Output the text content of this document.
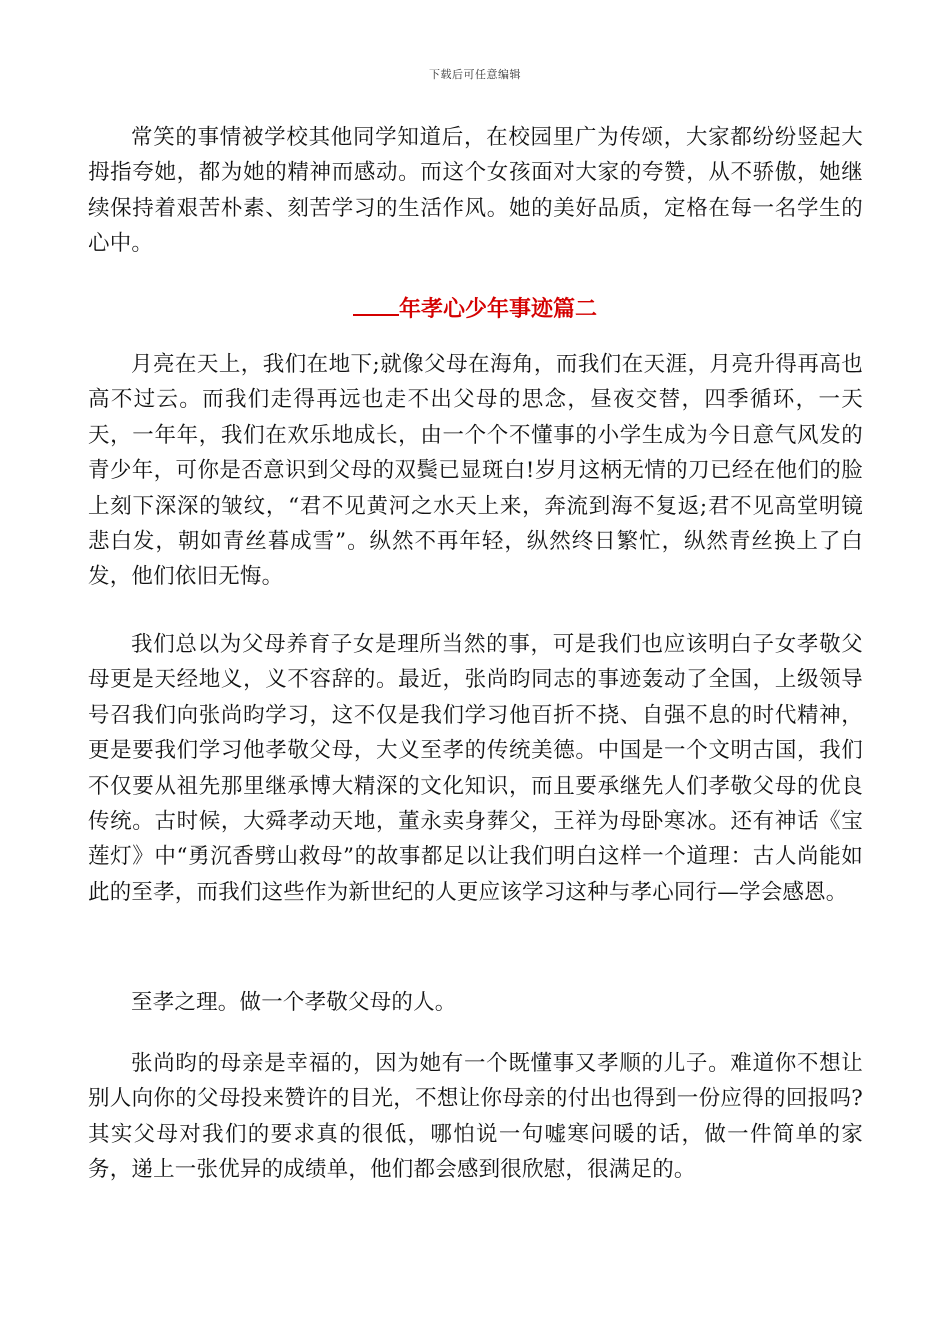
下载后可任意编辑

常笑的事情被学校其他同学知道后，在校园里广为传颂，大家都纷纷竖起大拇指夸她，都为她的精神而感动。而这个女孩面对大家的夸赞，从不骄傲，她继续保持着艰苦朴素、刻苦学习的生活作风。她的美好品质，定格在每一名学生的心中。

年孝心少年事迹篇二

月亮在天上，我们在地下;就像父母在海角，而我们在天涯，月亮升得再高也高不过云。而我们走得再远也走不出父母的思念，昼夜交替，四季循环，一天天，一年年，我们在欢乐地成长，由一个个不懂事的小学生成为今日意气风发的青少年，可你是否意识到父母的双鬓已显斑白!岁月这柄无情的刀已经在他们的脸上刻下深深的皱纹，“君不见黄河之水天上来，奔流到海不复返;君不见高堂明镜悲白发，朝如青丝暮成雪”。纵然不再年轻，纵然终日繁忙，纵然青丝换上了白发，他们依旧无悔。

我们总以为父母养育子女是理所当然的事，可是我们也应该明白子女孝敬父母更是天经地义，义不容辞的。最近，张尚昀同志的事迹轰动了全国，上级领导号召我们向张尚昀学习，这不仅是我们学习他百折不挠、自强不息的时代精神，更是要我们学习他孝敬父母，大义至孝的传统美德。中国是一个文明古国，我们不仅要从祖先那里继承博大精深的文化知识，而且要承继先人们孝敬父母的优良传统。古时候，大舜孝动天地，董永卖身葬父，王祥为母卧寒冰。还有神话《宝莲灯》中“勇沉香劈山救母”的故事都足以让我们明白这样一个道理：古人尚能如此的至孝，而我们这些作为新世纪的人更应该学习这种与孝心同行—学会感恩。

至孝之理。做一个孝敬父母的人。

张尚昀的母亲是幸福的，因为她有一个既懂事又孝顺的儿子。难道你不想让别人向你的父母投来赞许的目光，不想让你母亲的付出也得到一份应得的回报吗?其实父母对我们的要求真的很低，哪怕说一句嘘寒问暖的话，做一件简单的家务，递上一张优异的成绩单，他们都会感到很欣慰，很满足的。
